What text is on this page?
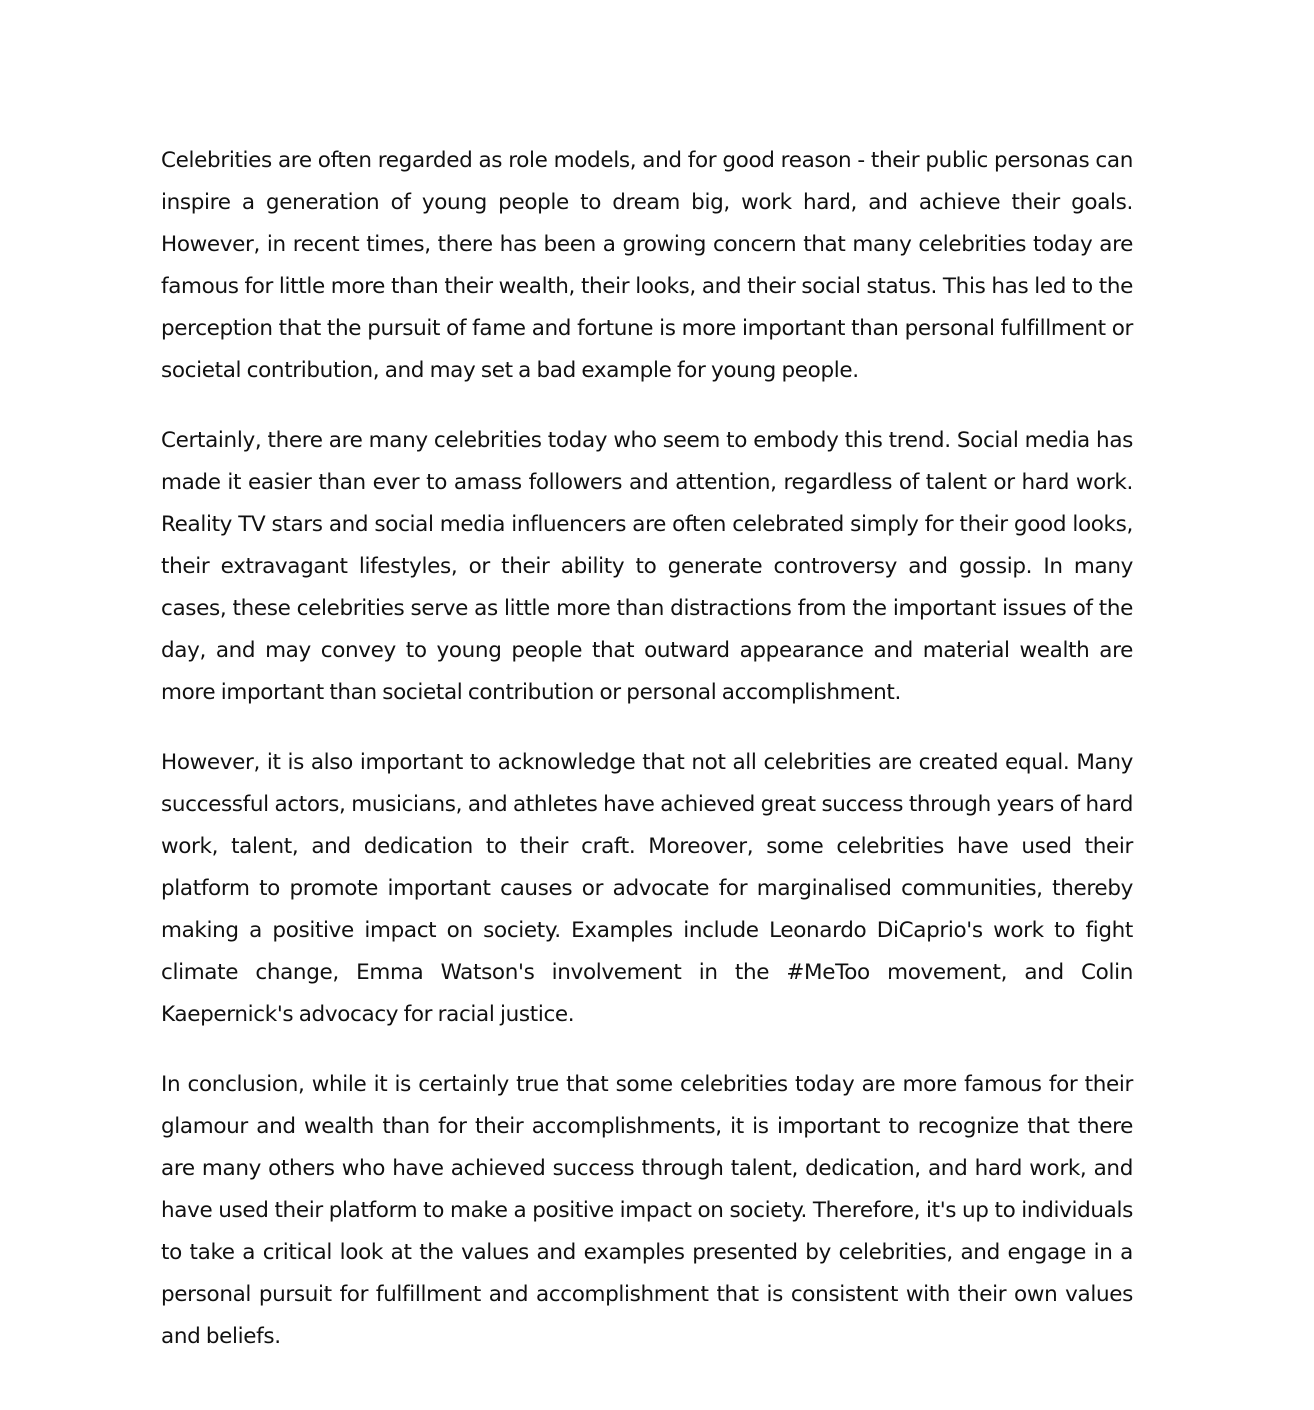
Celebrities are often regarded as role models, and for good reason - their public personas can inspire a generation of young people to dream big, work hard, and achieve their goals. However, in recent times, there has been a growing concern that many celebrities today are famous for little more than their wealth, their looks, and their social status. This has led to the perception that the pursuit of fame and fortune is more important than personal fulfillment or societal contribution, and may set a bad example for young people.

Certainly, there are many celebrities today who seem to embody this trend. Social media has made it easier than ever to amass followers and attention, regardless of talent or hard work. Reality TV stars and social media influencers are often celebrated simply for their good looks, their extravagant lifestyles, or their ability to generate controversy and gossip. In many cases, these celebrities serve as little more than distractions from the important issues of the day, and may convey to young people that outward appearance and material wealth are more important than societal contribution or personal accomplishment.

However, it is also important to acknowledge that not all celebrities are created equal. Many successful actors, musicians, and athletes have achieved great success through years of hard work, talent, and dedication to their craft. Moreover, some celebrities have used their platform to promote important causes or advocate for marginalised communities, thereby making a positive impact on society. Examples include Leonardo DiCaprio's work to fight climate change, Emma Watson's involvement in the #MeToo movement, and Colin Kaepernick's advocacy for racial justice.

In conclusion, while it is certainly true that some celebrities today are more famous for their glamour and wealth than for their accomplishments, it is important to recognize that there are many others who have achieved success through talent, dedication, and hard work, and have used their platform to make a positive impact on society. Therefore, it's up to individuals to take a critical look at the values and examples presented by celebrities, and engage in a personal pursuit for fulfillment and accomplishment that is consistent with their own values and beliefs.
